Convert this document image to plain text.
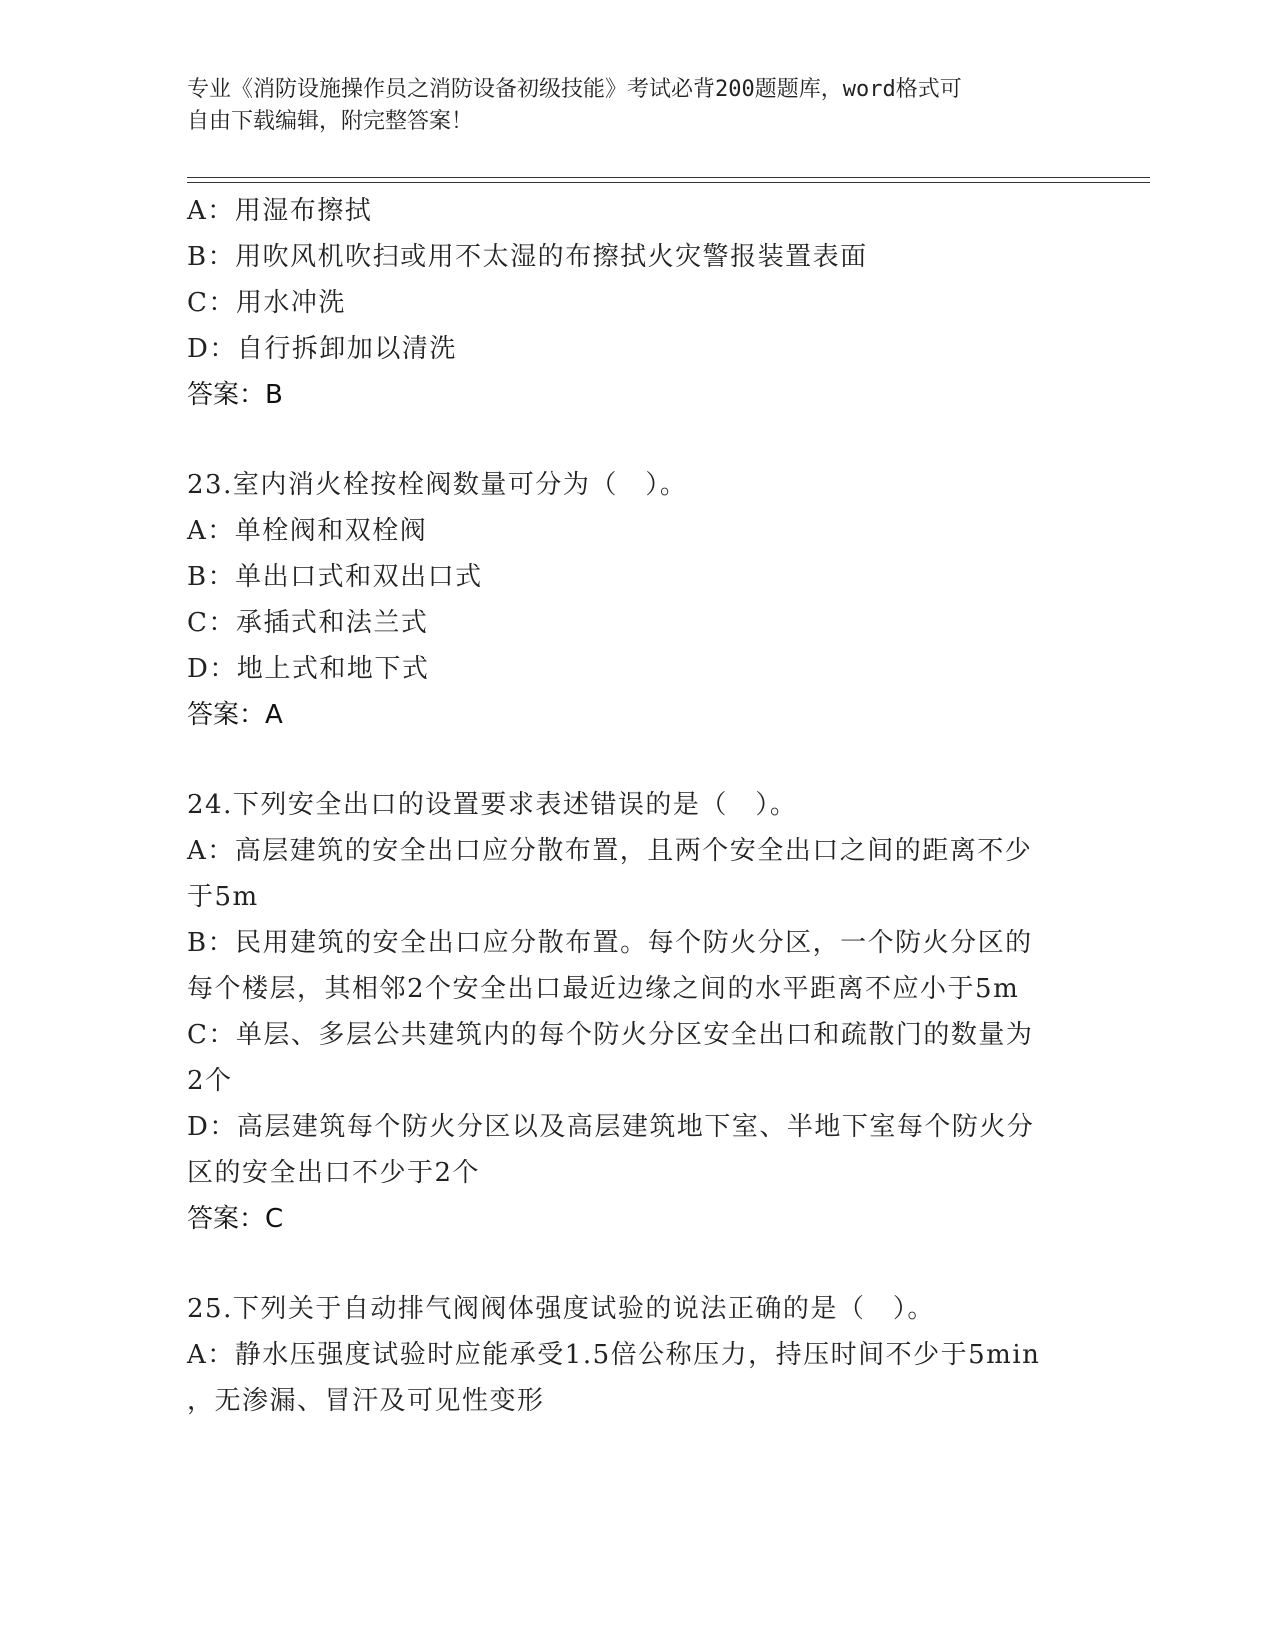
专业《消防设施操作员之消防设备初级技能》考试必背200题题库，word格式可
自由下载编辑，附完整答案！
A：用湿布擦拭
B：用吹风机吹扫或用不太湿的布擦拭火灾警报装置表面
C：用水冲洗
D：自行拆卸加以清洗
答案：B
23.室内消火栓按栓阀数量可分为（　）。
A：单栓阀和双栓阀
B：单出口式和双出口式
C：承插式和法兰式
D：地上式和地下式
答案：A
24.下列安全出口的设置要求表述错误的是（　）。
A：高层建筑的安全出口应分散布置，且两个安全出口之间的距离不少
于5m
B：民用建筑的安全出口应分散布置。每个防火分区，一个防火分区的
每个楼层，其相邻2个安全出口最近边缘之间的水平距离不应小于5m
C：单层、多层公共建筑内的每个防火分区安全出口和疏散门的数量为
2个
D：高层建筑每个防火分区以及高层建筑地下室、半地下室每个防火分
区的安全出口不少于2个
答案：C
25.下列关于自动排气阀阀体强度试验的说法正确的是（　）。
A：静水压强度试验时应能承受1.5倍公称压力，持压时间不少于5min
，无渗漏、冒汗及可见性变形
